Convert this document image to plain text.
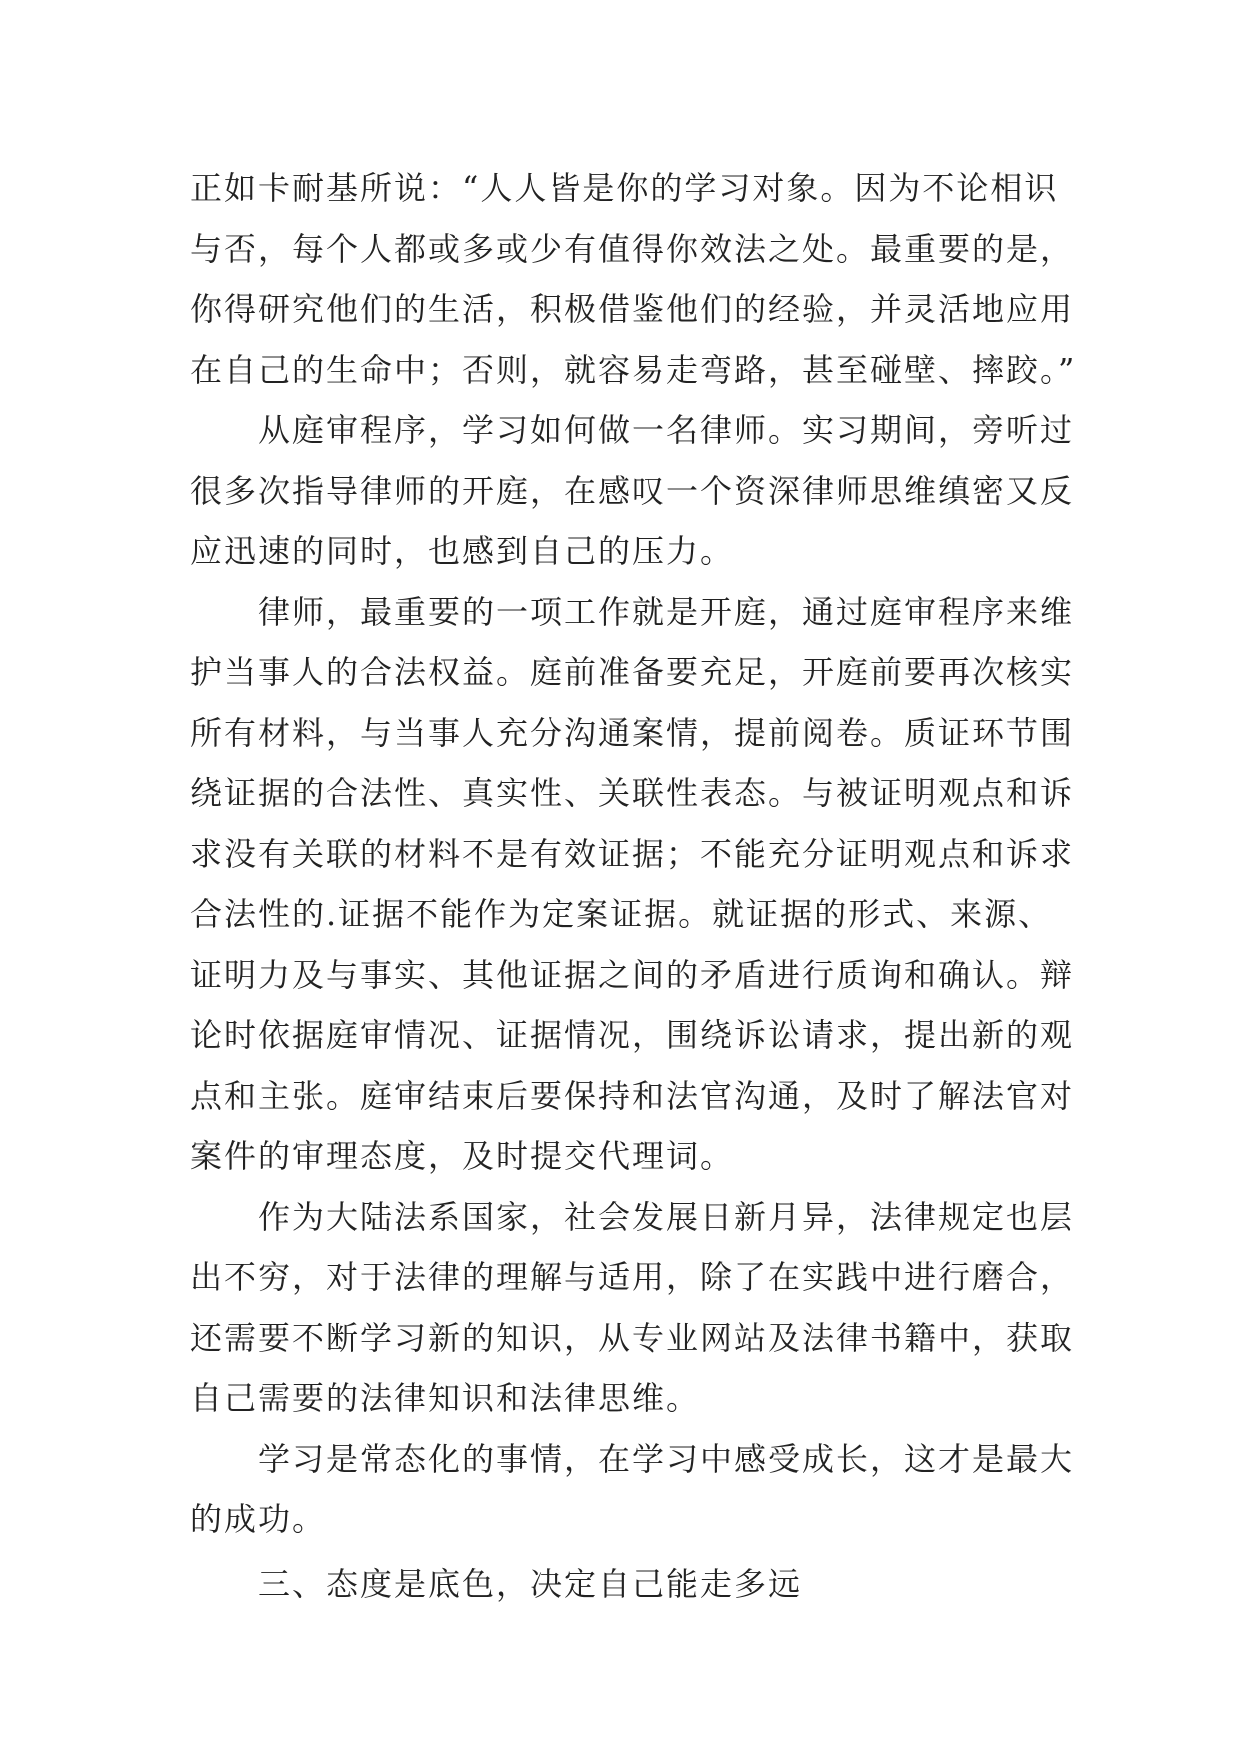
正如卡耐基所说：“人人皆是你的学习对象。因为不论相识
与否，每个人都或多或少有值得你效法之处。最重要的是，
你得研究他们的生活，积极借鉴他们的经验，并灵活地应用
在自己的生命中；否则，就容易走弯路，甚至碰壁、摔跤。”
从庭审程序，学习如何做一名律师。实习期间，旁听过
很多次指导律师的开庭，在感叹一个资深律师思维缜密又反
应迅速的同时，也感到自己的压力。
律师，最重要的一项工作就是开庭，通过庭审程序来维
护当事人的合法权益。庭前准备要充足，开庭前要再次核实
所有材料，与当事人充分沟通案情，提前阅卷。质证环节围
绕证据的合法性、真实性、关联性表态。与被证明观点和诉
求没有关联的材料不是有效证据；不能充分证明观点和诉求
合法性的.证据不能作为定案证据。就证据的形式、来源、
证明力及与事实、其他证据之间的矛盾进行质询和确认。辩
论时依据庭审情况、证据情况，围绕诉讼请求，提出新的观
点和主张。庭审结束后要保持和法官沟通，及时了解法官对
案件的审理态度，及时提交代理词。
作为大陆法系国家，社会发展日新月异，法律规定也层
出不穷，对于法律的理解与适用，除了在实践中进行磨合，
还需要不断学习新的知识，从专业网站及法律书籍中，获取
自己需要的法律知识和法律思维。
学习是常态化的事情，在学习中感受成长，这才是最大
的成功。
三、态度是底色，决定自己能走多远
